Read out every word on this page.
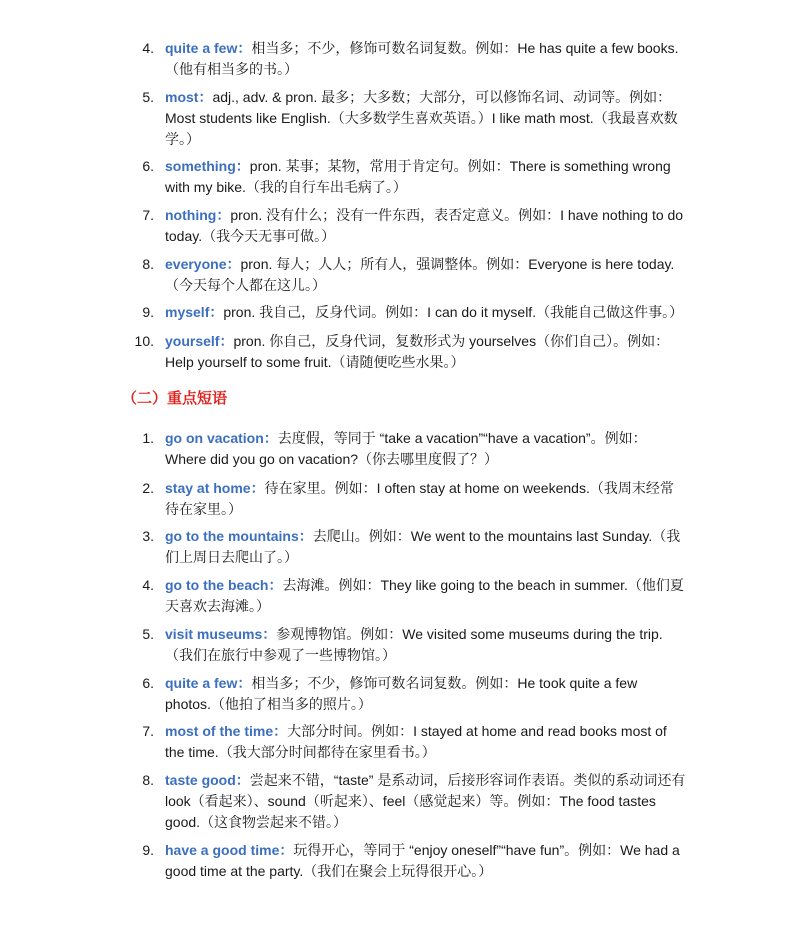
4. quite a few：相当多；不少，修饰可数名词复数。例如：He has quite a few books.（他有相当多的书。）
5. most：adj., adv. & pron. 最多；大多数；大部分，可以修饰名词、动词等。例如：Most students like English.（大多数学生喜欢英语。）I like math most.（我最喜欢数学。）
6. something：pron. 某事；某物，常用于肯定句。例如：There is something wrong with my bike.（我的自行车出毛病了。）
7. nothing：pron. 没有什么；没有一件东西，表否定意义。例如：I have nothing to do today.（我今天无事可做。）
8. everyone：pron. 每人；人人；所有人，强调整体。例如：Everyone is here today.（今天每个人都在这儿。）
9. myself：pron. 我自己，反身代词。例如：I can do it myself.（我能自己做这件事。）
10. yourself：pron. 你自己，反身代词，复数形式为 yourselves（你们自己）。例如：Help yourself to some fruit.（请随便吃些水果。）
（二）重点短语
1. go on vacation：去度假，等同于 “take a vacation”“have a vacation”。例如：Where did you go on vacation?（你去哪里度假了？）
2. stay at home：待在家里。例如：I often stay at home on weekends.（我周末经常待在家里。）
3. go to the mountains：去爬山。例如：We went to the mountains last Sunday.（我们上周日去爬山了。）
4. go to the beach：去海滩。例如：They like going to the beach in summer.（他们夏天喜欢去海滩。）
5. visit museums：参观博物馆。例如：We visited some museums during the trip.（我们在旅行中参观了一些博物馆。）
6. quite a few：相当多；不少，修饰可数名词复数。例如：He took quite a few photos.（他拍了相当多的照片。）
7. most of the time：大部分时间。例如：I stayed at home and read books most of the time.（我大部分时间都待在家里看书。）
8. taste good：尝起来不错，“taste” 是系动词，后接形容词作表语。类似的系动词还有 look（看起来）、sound（听起来）、feel（感觉起来）等。例如：The food tastes good.（这食物尝起来不错。）
9. have a good time：玩得开心，等同于 “enjoy oneself”“have fun”。例如：We had a good time at the party.（我们在聚会上玩得很开心。）
